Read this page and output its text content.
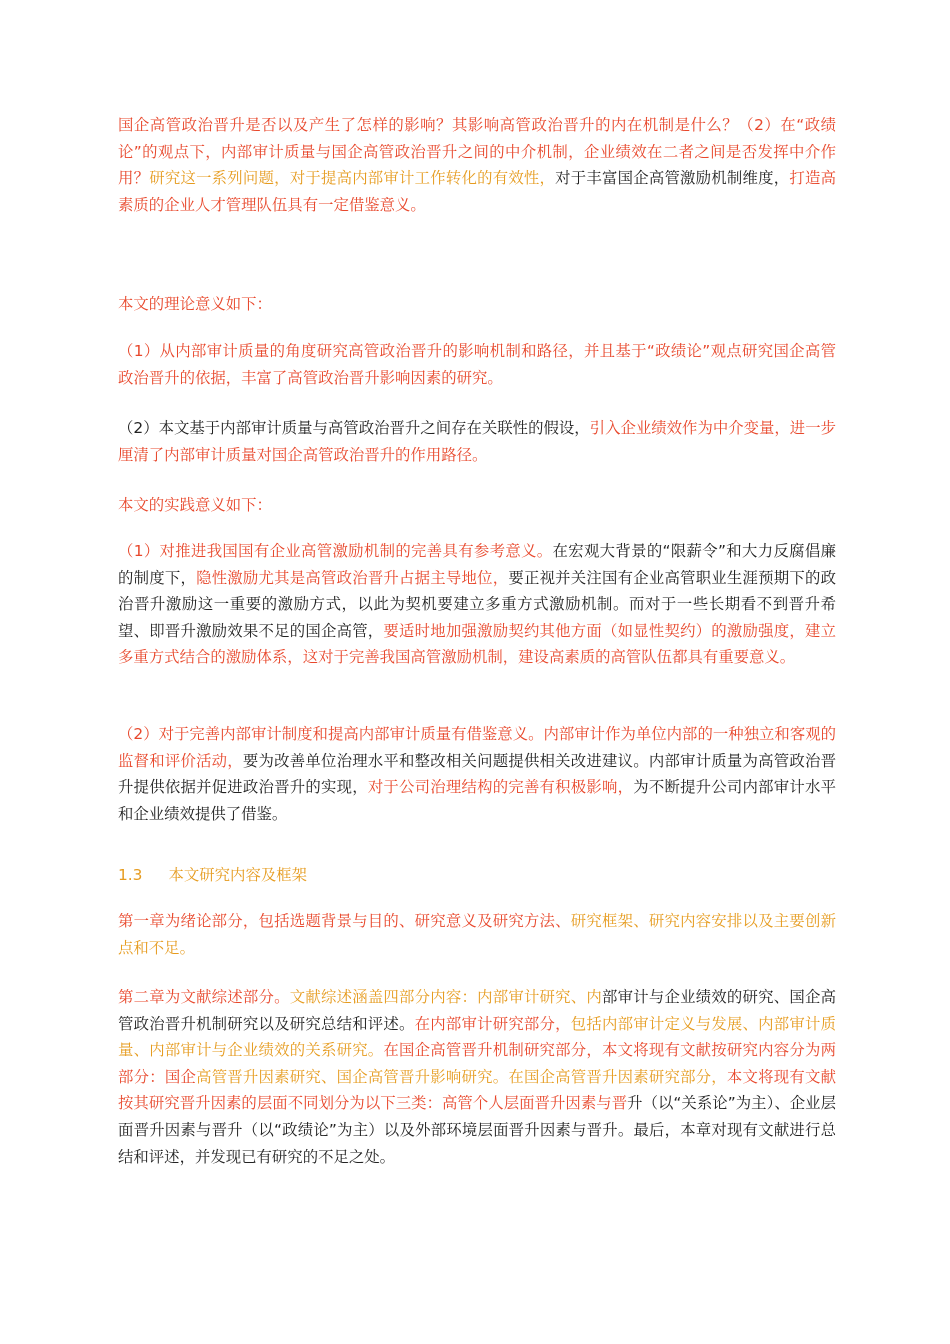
国企高管政治晋升是否以及产生了怎样的影响？其影响高管政治晋升的内在机制是什么？（2）在“政绩论”的观点下，内部审计质量与国企高管政治晋升之间的中介机制，企业绩效在二者之间是否发挥中介作用？研究这一系列问题，对于提高内部审计工作转化的有效性，对于丰富国企高管激励机制维度，打造高素质的企业人才管理队伍具有一定借鉴意义。

本文的理论意义如下：

（1）从内部审计质量的角度研究高管政治晋升的影响机制和路径，并且基于“政绩论”观点研究国企高管政治晋升的依据，丰富了高管政治晋升影响因素的研究。

（2）本文基于内部审计质量与高管政治晋升之间存在关联性的假设，引入企业绩效作为中介变量，进一步厘清了内部审计质量对国企高管政治晋升的作用路径。

本文的实践意义如下：

（1）对推进我国国有企业高管激励机制的完善具有参考意义。在宏观大背景的“限薪令”和大力反腐倡廉的制度下，隐性激励尤其是高管政治晋升占据主导地位，要正视并关注国有企业高管职业生涯预期下的政治晋升激励这一重要的激励方式，以此为契机要建立多重方式激励机制。而对于一些长期看不到晋升希望、即晋升激励效果不足的国企高管，要适时地加强激励契约其他方面（如显性契约）的激励强度，建立多重方式结合的激励体系，这对于完善我国高管激励机制，建设高素质的高管队伍都具有重要意义。

（2）对于完善内部审计制度和提高内部审计质量有借鉴意义。内部审计作为单位内部的一种独立和客观的监督和评价活动，要为改善单位治理水平和整改相关问题提供相关改进建议。内部审计质量为高管政治晋升提供依据并促进政治晋升的实现，对于公司治理结构的完善有积极影响，为不断提升公司内部审计水平和企业绩效提供了借鉴。

1.3 本文研究内容及框架

第一章为绪论部分，包括选题背景与目的、研究意义及研究方法、研究框架、研究内容安排以及主要创新点和不足。

第二章为文献综述部分。文献综述涵盖四部分内容：内部审计研究、内部审计与企业绩效的研究、国企高管政治晋升机制研究以及研究总结和评述。在内部审计研究部分，包括内部审计定义与发展、内部审计质量、内部审计与企业绩效的关系研究。在国企高管晋升机制研究部分，本文将现有文献按研究内容分为两部分：国企高管晋升因素研究、国企高管晋升影响研究。在国企高管晋升因素研究部分，本文将现有文献按其研究晋升因素的层面不同划分为以下三类：高管个人层面晋升因素与晋升（以“关系论”为主）、企业层面晋升因素与晋升（以“政绩论”为主）以及外部环境层面晋升因素与晋升。最后，本章对现有文献进行总结和评述，并发现已有研究的不足之处。
